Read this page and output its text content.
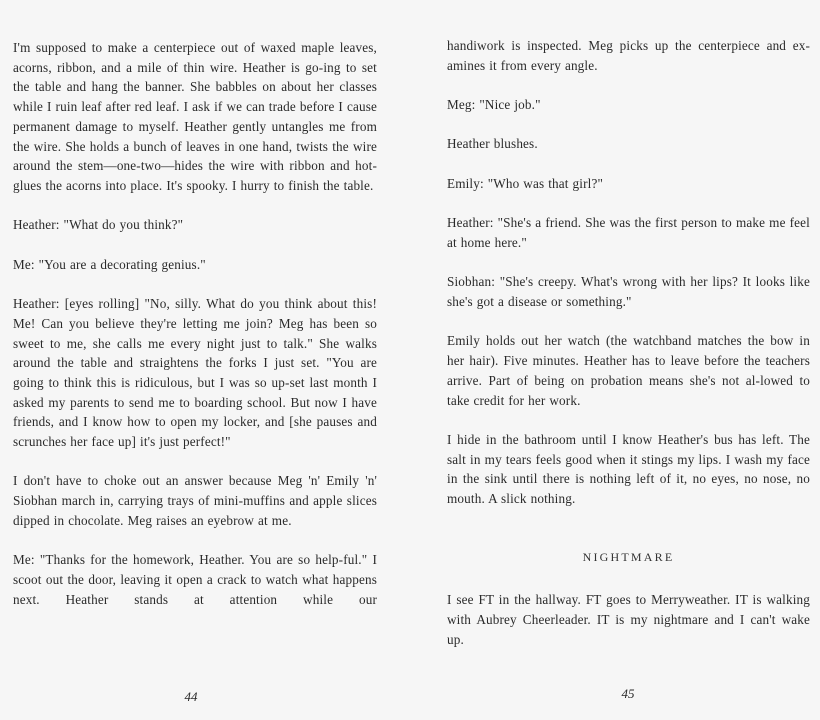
I'm supposed to make a centerpiece out of waxed maple leaves, acorns, ribbon, and a mile of thin wire. Heather is go-ing to set the table and hang the banner. She babbles on about her classes while I ruin leaf after red leaf. I ask if we can trade before I cause permanent damage to myself. Heather gently untangles me from the wire. She holds a bunch of leaves in one hand, twists the wire around the stem—one-two—hides the wire with ribbon and hot-glues the acorns into place. It's spooky. I hurry to finish the table.

Heather: "What do you think?"

Me: "You are a decorating genius."

Heather: [eyes rolling] "No, silly. What do you think about this! Me! Can you believe they're letting me join? Meg has been so sweet to me, she calls me every night just to talk." She walks around the table and straightens the forks I just set. "You are going to think this is ridiculous, but I was so up-set last month I asked my parents to send me to boarding school. But now I have friends, and I know how to open my locker, and [she pauses and scrunches her face up] it's just perfect!"

I don't have to choke out an answer because Meg 'n' Emily 'n' Siobhan march in, carrying trays of mini-muffins and apple slices dipped in chocolate. Meg raises an eyebrow at me.

Me: "Thanks for the homework, Heather. You are so help-ful." I scoot out the door, leaving it open a crack to watch what happens next. Heather stands at attention while our

44

handiwork is inspected. Meg picks up the centerpiece and ex-amines it from every angle.

Meg: "Nice job."

Heather blushes.

Emily: "Who was that girl?"

Heather: "She's a friend. She was the first person to make me feel at home here."

Siobhan: "She's creepy. What's wrong with her lips? It looks like she's got a disease or something."

Emily holds out her watch (the watchband matches the bow in her hair). Five minutes. Heather has to leave before the teachers arrive. Part of being on probation means she's not al-lowed to take credit for her work.

I hide in the bathroom until I know Heather's bus has left. The salt in my tears feels good when it stings my lips. I wash my face in the sink until there is nothing left of it, no eyes, no nose, no mouth. A slick nothing.

NIGHTMARE

I see FT in the hallway. FT goes to Merryweather. IT is walking with Aubrey Cheerleader. IT is my nightmare and I can't wake up.

45
